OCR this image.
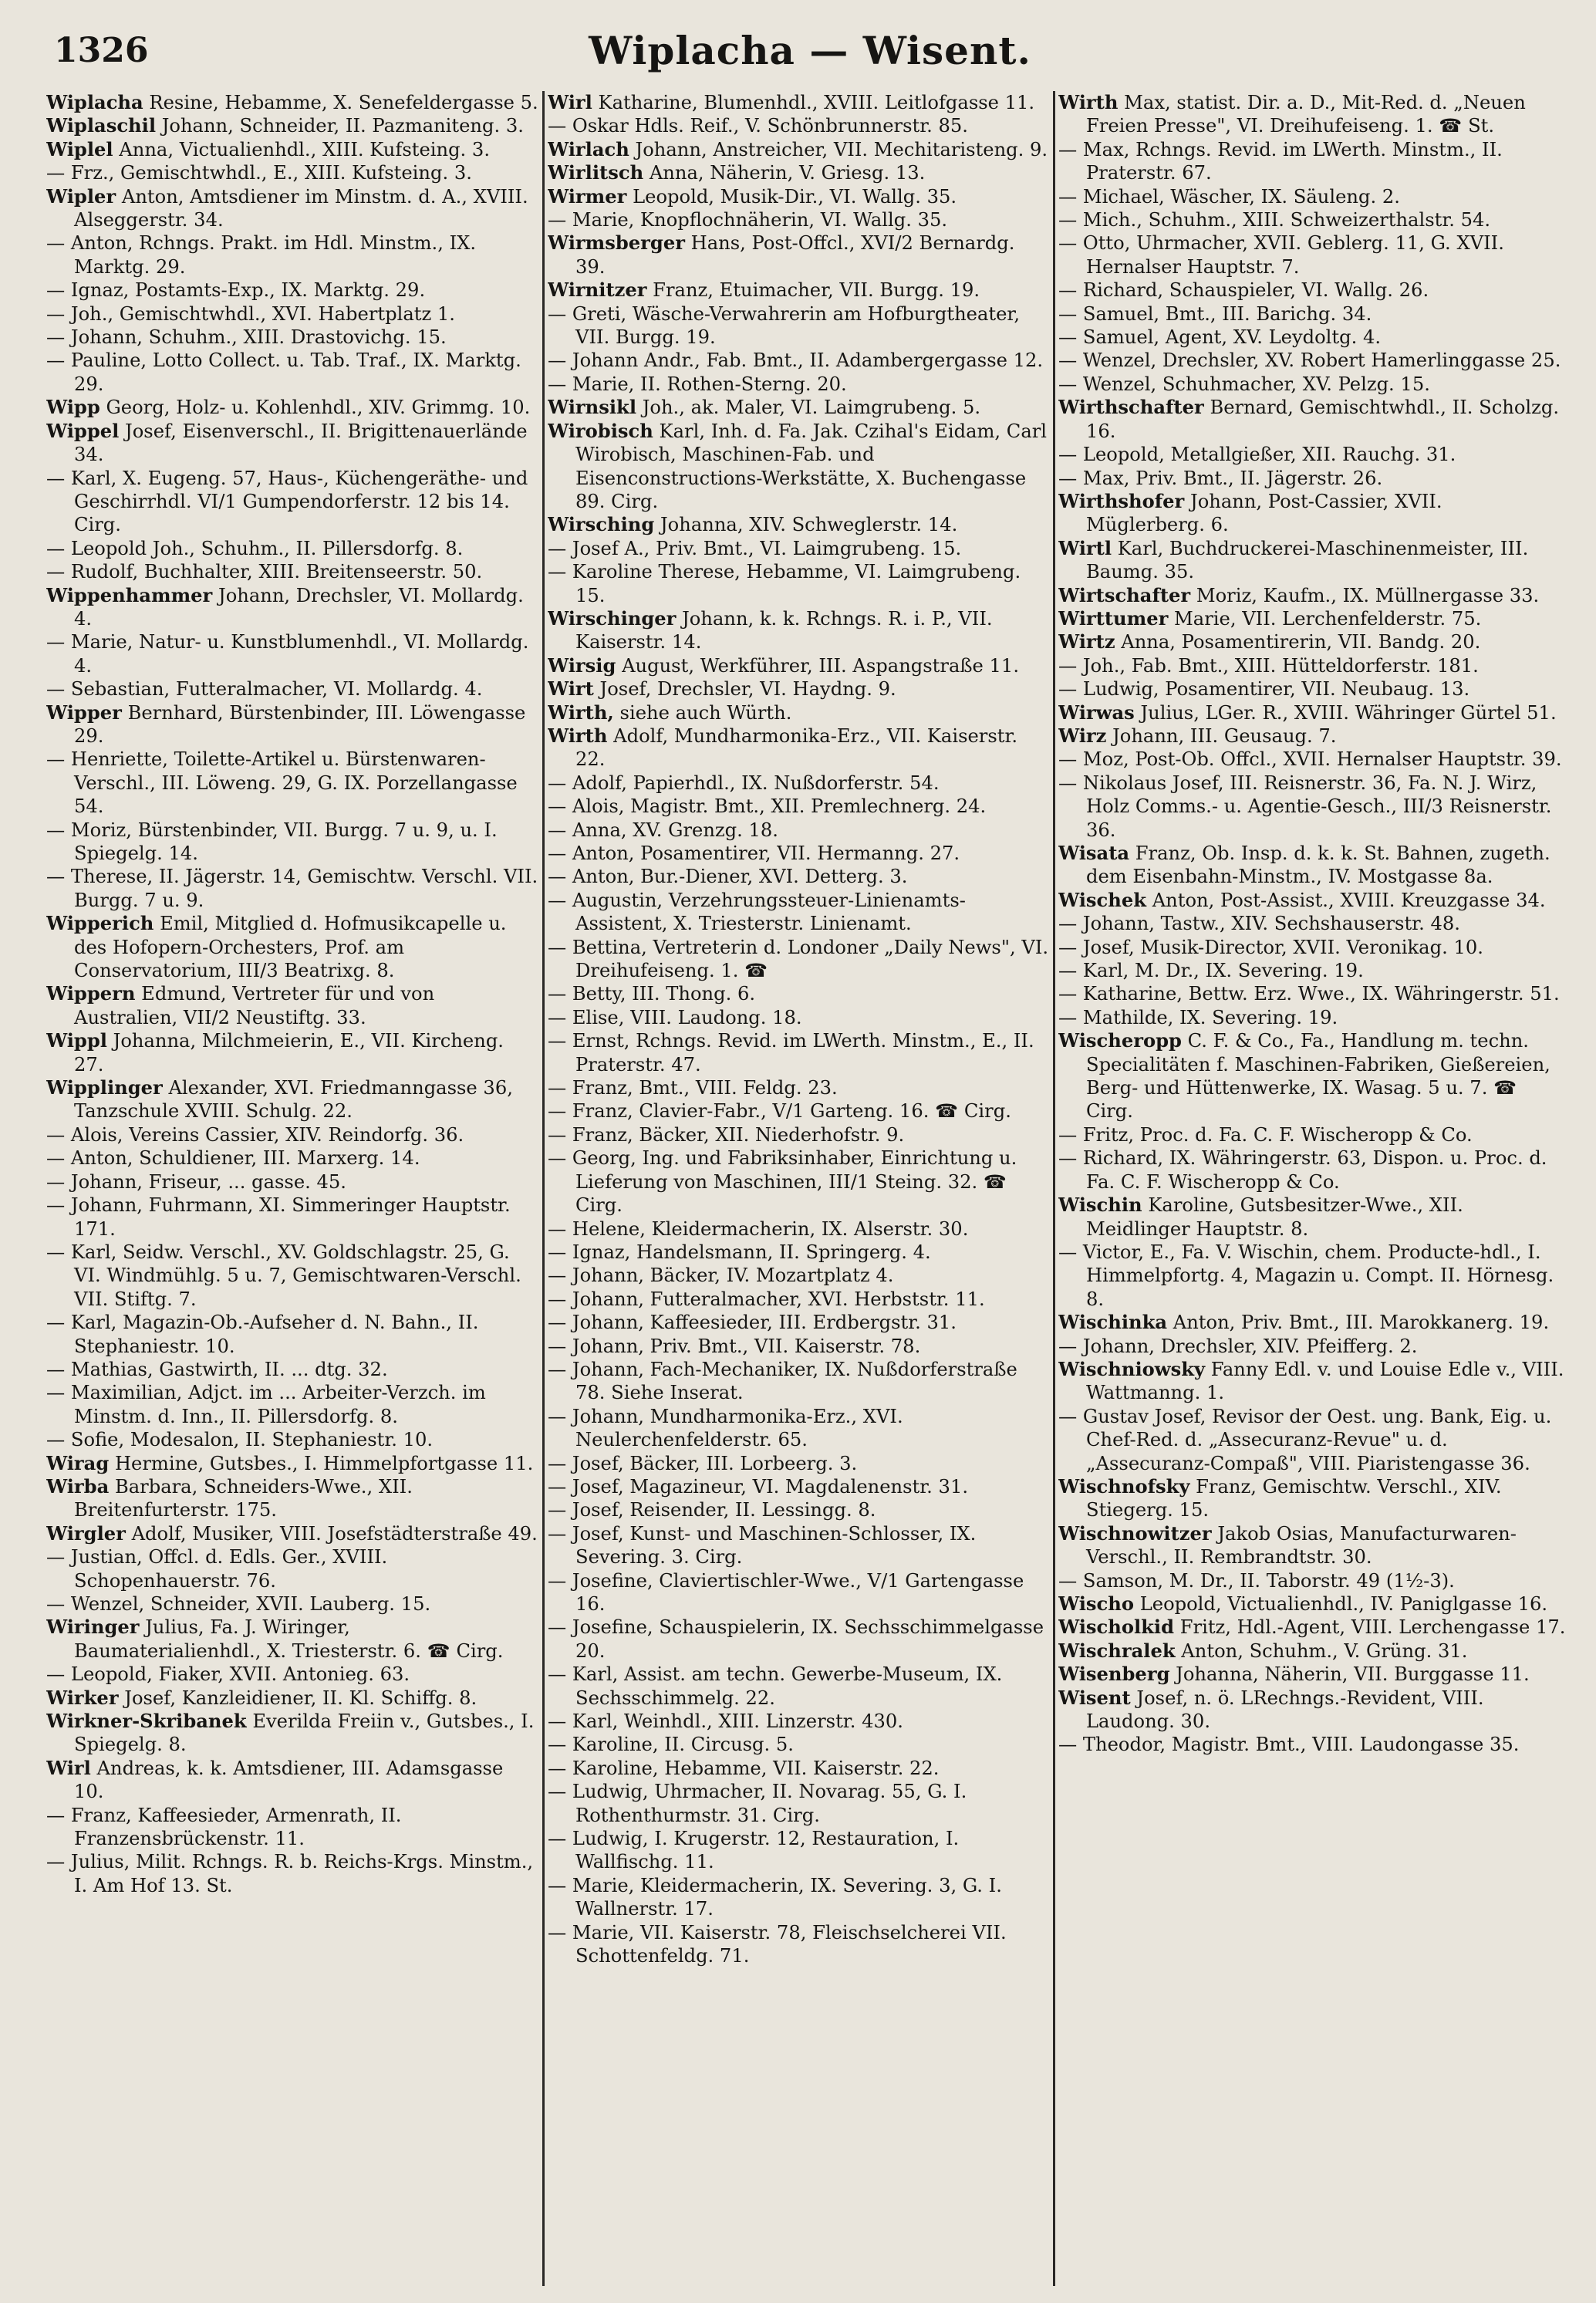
1326	Wiplacha — Wisent.

Wiplacha Resine, Hebamme, X. Senefeldergasse 5.

Wiplaschil Johann, Schneider, II. Pazmaniteng. 3.

Wiplel Anna, Victualienhdl., XIII. Kufsteing. 3.

— Frz., Gemischtwhdl., E., XIII. Kufsteing. 3.

Wipler Anton, Amtsdiener im Minstm. d. A., XVIII. Alseggerstr. 34.

— Anton, Rchngs. Prakt. im Hdl. Minstm., IX. Marktg. 29.

— Ignaz, Postamts-Exp., IX. Marktg. 29.

— Joh., Gemischtwhdl., XVI. Habertplatz 1.

— Johann, Schuhm., XIII. Drastovichg. 15.

— Pauline, Lotto Collect. u. Tab. Traf., IX. Marktg. 29.

Wipp Georg, Holz- u. Kohlenhdl., XIV. Grimmg. 10.

Wippel Josef, Eisenverschl., II. Brigittenauerlände 34.

— Karl, X. Eugeng. 57, Haus-, Küchengeräthe- und Geschirrhdl. VI/1 Gumpendorferstr. 12 bis 14. Cirg.

— Leopold Joh., Schuhm., II. Pillersdorfg. 8.

— Rudolf, Buchhalter, XIII. Breitenseerstr. 50.

Wippenhammer Johann, Drechsler, VI. Mollardg. 4.

— Marie, Natur- u. Kunstblumenhdl., VI. Mollardg. 4.

— Sebastian, Futteralmacher, VI. Mollardg. 4.

Wipper Bernhard, Bürstenbinder, III. Löwengasse 29.

— Henriette, Toilette-Artikel u. Bürstenwaren-Verschl., III. Löweng. 29, G. IX. Porzellangasse 54.

— Moriz, Bürstenbinder, VII. Burgg. 7 u. 9, u. I. Spiegelg. 14.

— Therese, II. Jägerstr. 14, Gemischtw. Verschl. VII. Burgg. 7 u. 9.

Wipperich Emil, Mitglied d. Hofmusikcapelle u. des Hofopern-Orchesters, Prof. am Conservatorium, III/3 Beatrixg. 8.

Wippern Edmund, Vertreter für und von Australien, VII/2 Neustiftg. 33.

Wippl Johanna, Milchmeierin, E., VII. Kircheng. 27.

Wipplinger Alexander, XVI. Friedmanngasse 36, Tanzschule XVIII. Schulg. 22.

— Alois, Vereins Cassier, XIV. Reindorfg. 36.

— Anton, Schuldiener, III. Marxerg. 14.

— Johann, Friseur, ... gasse. 45.

— Johann, Fuhrmann, XI. Simmeringer Hauptstr. 171.

— Karl, Seidw. Verschl., XV. Goldschlagstr. 25, G. VI. Windmühlg. 5 u. 7, Gemischtwaren-Verschl. VII. Stiftg. 7.

— Karl, Magazin-Ob.-Aufseher d. N. Bahn., II. Stephaniestr. 10.

— Mathias, Gastwirth, II. ... dtg. 32.

— Maximilian, Adjct. im ... Arbeiter-Verzch. im Minstm. d. Inn., II. Pillersdorfg. 8.

— Sofie, Modesalon, II. Stephaniestr. 10.

Wirag Hermine, Gutsbes., I. Himmelpfortgasse 11.

Wirba Barbara, Schneiders-Wwe., XII. Breitenfurterstr. 175.

Wirgler Adolf, Musiker, VIII. Josefstädterstraße 49.

— Justian, Offcl. d. Edls. Ger., XVIII. Schopenhauerstr. 76.

— Wenzel, Schneider, XVII. Lauberg. 15.

Wiringer Julius, Fa. J. Wiringer, Baumaterialienhdl., X. Triesterstr. 6. ☎ Cirg.

— Leopold, Fiaker, XVII. Antonieg. 63.

Wirker Josef, Kanzleidiener, II. Kl. Schiffg. 8.

Wirkner-Skribanek Everilda Freiin v., Gutsbes., I. Spiegelg. 8.

Wirl Andreas, k. k. Amtsdiener, III. Adamsgasse 10.

— Franz, Kaffeesieder, Armenrath, II. Franzensbrückenstr. 11.

— Julius, Milit. Rchngs. R. b. Reichs-Krgs. Minstm., I. Am Hof 13. St.

Wirl Katharine, Blumenhdl., XVIII. Leitlofgasse 11.

— Oskar Hdls. Reif., V. Schönbrunnerstr. 85.

Wirlach Johann, Anstreicher, VII. Mechitaristeng. 9.

Wirlitsch Anna, Näherin, V. Griesg. 13.

Wirmer Leopold, Musik-Dir., VI. Wallg. 35.

— Marie, Knopflochnäherin, VI. Wallg. 35.

Wirmsberger Hans, Post-Offcl., XVI/2 Bernardg. 39.

Wirnitzer Franz, Etuimacher, VII. Burgg. 19.

— Greti, Wäsche-Verwahrerin am Hofburgtheater, VII. Burgg. 19.

— Johann Andr., Fab. Bmt., II. Adambergergasse 12.

— Marie, II. Rothen-Sterng. 20.

Wirnsikl Joh., ak. Maler, VI. Laimgrubeng. 5.

Wirobisch Karl, Inh. d. Fa. Jak. Czihal's Eidam, Carl Wirobisch, Maschinen-Fab. und Eisenconstructions-Werkstätte, X. Buchengasse 89. Cirg.

Wirsching Johanna, XIV. Schweglerstr. 14.

— Josef A., Priv. Bmt., VI. Laimgrubeng. 15.

— Karoline Therese, Hebamme, VI. Laimgrubeng. 15.

Wirschinger Johann, k. k. Rchngs. R. i. P., VII. Kaiserstr. 14.

Wirsig August, Werkführer, III. Aspangstraße 11.

Wirt Josef, Drechsler, VI. Haydng. 9.

Wirth, siehe auch Würth.

Wirth Adolf, Mundharmonika-Erz., VII. Kaiserstr. 22.

— Adolf, Papierhdl., IX. Nußdorferstr. 54.

— Alois, Magistr. Bmt., XII. Premlechnerg. 24.

— Anna, XV. Grenzg. 18.

— Anton, Posamentirer, VII. Hermanng. 27.

— Anton, Bur.-Diener, XVI. Detterg. 3.

— Augustin, Verzehrungssteuer-Linienamts-Assistent, X. Triesterstr. Linienamt.

— Bettina, Vertreterin d. Londoner „Daily News", VI. Dreihufeiseng. 1. ☎

— Betty, III. Thong. 6.

— Elise, VIII. Laudong. 18.

— Ernst, Rchngs. Revid. im LWerth. Minstm., E., II. Praterstr. 47.

— Franz, Bmt., VIII. Feldg. 23.

— Franz, Clavier-Fabr., V/1 Garteng. 16. ☎ Cirg.

— Franz, Bäcker, XII. Niederhofstr. 9.

— Georg, Ing. und Fabriksinhaber, Einrichtung u. Lieferung von Maschinen, III/1 Steing. 32. ☎ Cirg.

— Helene, Kleidermacherin, IX. Alserstr. 30.

— Ignaz, Handelsmann, II. Springerg. 4.

— Johann, Bäcker, IV. Mozartplatz 4.

— Johann, Futteralmacher, XVI. Herbststr. 11.

— Johann, Kaffeesieder, III. Erdbergstr. 31.

— Johann, Priv. Bmt., VII. Kaiserstr. 78.

— Johann, Fach-Mechaniker, IX. Nußdorferstraße 78. Siehe Inserat.

— Johann, Mundharmonika-Erz., XVI. Neulerchenfelderstr. 65.

— Josef, Bäcker, III. Lorbeerg. 3.

— Josef, Magazineur, VI. Magdalenenstr. 31.

— Josef, Reisender, II. Lessingg. 8.

— Josef, Kunst- und Maschinen-Schlosser, IX. Severing. 3. Cirg.

— Josefine, Claviertischler-Wwe., V/1 Gartengasse 16.

— Josefine, Schauspielerin, IX. Sechsschimmelgasse 20.

— Karl, Assist. am techn. Gewerbe-Museum, IX. Sechsschimmelg. 22.

— Karl, Weinhdl., XIII. Linzerstr. 430.

— Karoline, II. Circusg. 5.

— Karoline, Hebamme, VII. Kaiserstr. 22.

— Ludwig, Uhrmacher, II. Novarag. 55, G. I. Rothenthurmstr. 31. Cirg.

— Ludwig, I. Krugerstr. 12, Restauration, I. Wallfischg. 11.

— Marie, Kleidermacherin, IX. Severing. 3, G. I. Wallnerstr. 17.

— Marie, VII. Kaiserstr. 78, Fleischselcherei VII. Schottenfeldg. 71.

Wirth Max, statist. Dir. a. D., Mit-Red. d. „Neuen Freien Presse", VI. Dreihufeiseng. 1. ☎ St.

— Max, Rchngs. Revid. im LWerth. Minstm., II. Praterstr. 67.

— Michael, Wäscher, IX. Säuleng. 2.

— Mich., Schuhm., XIII. Schweizerthalstr. 54.

— Otto, Uhrmacher, XVII. Geblerg. 11, G. XVII. Hernalser Hauptstr. 7.

— Richard, Schauspieler, VI. Wallg. 26.

— Samuel, Bmt., III. Barichg. 34.

— Samuel, Agent, XV. Leydoltg. 4.

— Wenzel, Drechsler, XV. Robert Hamerlinggasse 25.

— Wenzel, Schuhmacher, XV. Pelzg. 15.

Wirthschafter Bernard, Gemischtwhdl., II. Scholzg. 16.

— Leopold, Metallgießer, XII. Rauchg. 31.

— Max, Priv. Bmt., II. Jägerstr. 26.

Wirthshofer Johann, Post-Cassier, XVII. Müglerberg. 6.

Wirtl Karl, Buchdruckerei-Maschinenmeister, III. Baumg. 35.

Wirtschafter Moriz, Kaufm., IX. Müllnergasse 33.

Wirttumer Marie, VII. Lerchenfelderstr. 75.

Wirtz Anna, Posamentirerin, VII. Bandg. 20.

— Joh., Fab. Bmt., XIII. Hütteldorferstr. 181.

— Ludwig, Posamentirer, VII. Neubaug. 13.

Wirwas Julius, LGer. R., XVIII. Währinger Gürtel 51.

Wirz Johann, III. Geusaug. 7.

— Moz, Post-Ob. Offcl., XVII. Hernalser Hauptstr. 39.

— Nikolaus Josef, III. Reisnerstr. 36, Fa. N. J. Wirz, Holz Comms.- u. Agentie-Gesch., III/3 Reisnerstr. 36.

Wisata Franz, Ob. Insp. d. k. k. St. Bahnen, zugeth. dem Eisenbahn-Minstm., IV. Mostgasse 8a.

Wischek Anton, Post-Assist., XVIII. Kreuzgasse 34.

— Johann, Tastw., XIV. Sechshauserstr. 48.

— Josef, Musik-Director, XVII. Veronikag. 10.

— Karl, M. Dr., IX. Severing. 19.

— Katharine, Bettw. Erz. Wwe., IX. Währingerstr. 51.

— Mathilde, IX. Severing. 19.

Wischeropp C. F. & Co., Fa., Handlung m. techn. Specialitäten f. Maschinen-Fabriken, Gießereien, Berg- und Hüttenwerke, IX. Wasag. 5 u. 7. ☎ Cirg.

— Fritz, Proc. d. Fa. C. F. Wischeropp & Co.

— Richard, IX. Währingerstr. 63, Dispon. u. Proc. d. Fa. C. F. Wischeropp & Co.

Wischin Karoline, Gutsbesitzer-Wwe., XII. Meidlinger Hauptstr. 8.

— Victor, E., Fa. V. Wischin, chem. Producte-hdl., I. Himmelpfortg. 4, Magazin u. Compt. II. Hörnesg. 8.

Wischinka Anton, Priv. Bmt., III. Marokkanerg. 19.

— Johann, Drechsler, XIV. Pfeifferg. 2.

Wischniowsky Fanny Edl. v. und Louise Edle v., VIII. Wattmanng. 1.

— Gustav Josef, Revisor der Oest. ung. Bank, Eig. u. Chef-Red. d. „Assecuranz-Revue" u. d. „Assecuranz-Compaß", VIII. Piaristengasse 36.

Wischnofsky Franz, Gemischtw. Verschl., XIV. Stiegerg. 15.

Wischnowitzer Jakob Osias, Manufacturwaren-Verschl., II. Rembrandtstr. 30.

— Samson, M. Dr., II. Taborstr. 49 (1½-3).

Wischo Leopold, Victualienhdl., IV. Paniglgasse 16.

Wischolkid Fritz, Hdl.-Agent, VIII. Lerchengasse 17.

Wischralek Anton, Schuhm., V. Grüng. 31.

Wisenberg Johanna, Näherin, VII. Burggasse 11.

Wisent Josef, n. ö. LRechngs.-Revident, VIII. Laudong. 30.

— Theodor, Magistr. Bmt., VIII. Laudongasse 35.
